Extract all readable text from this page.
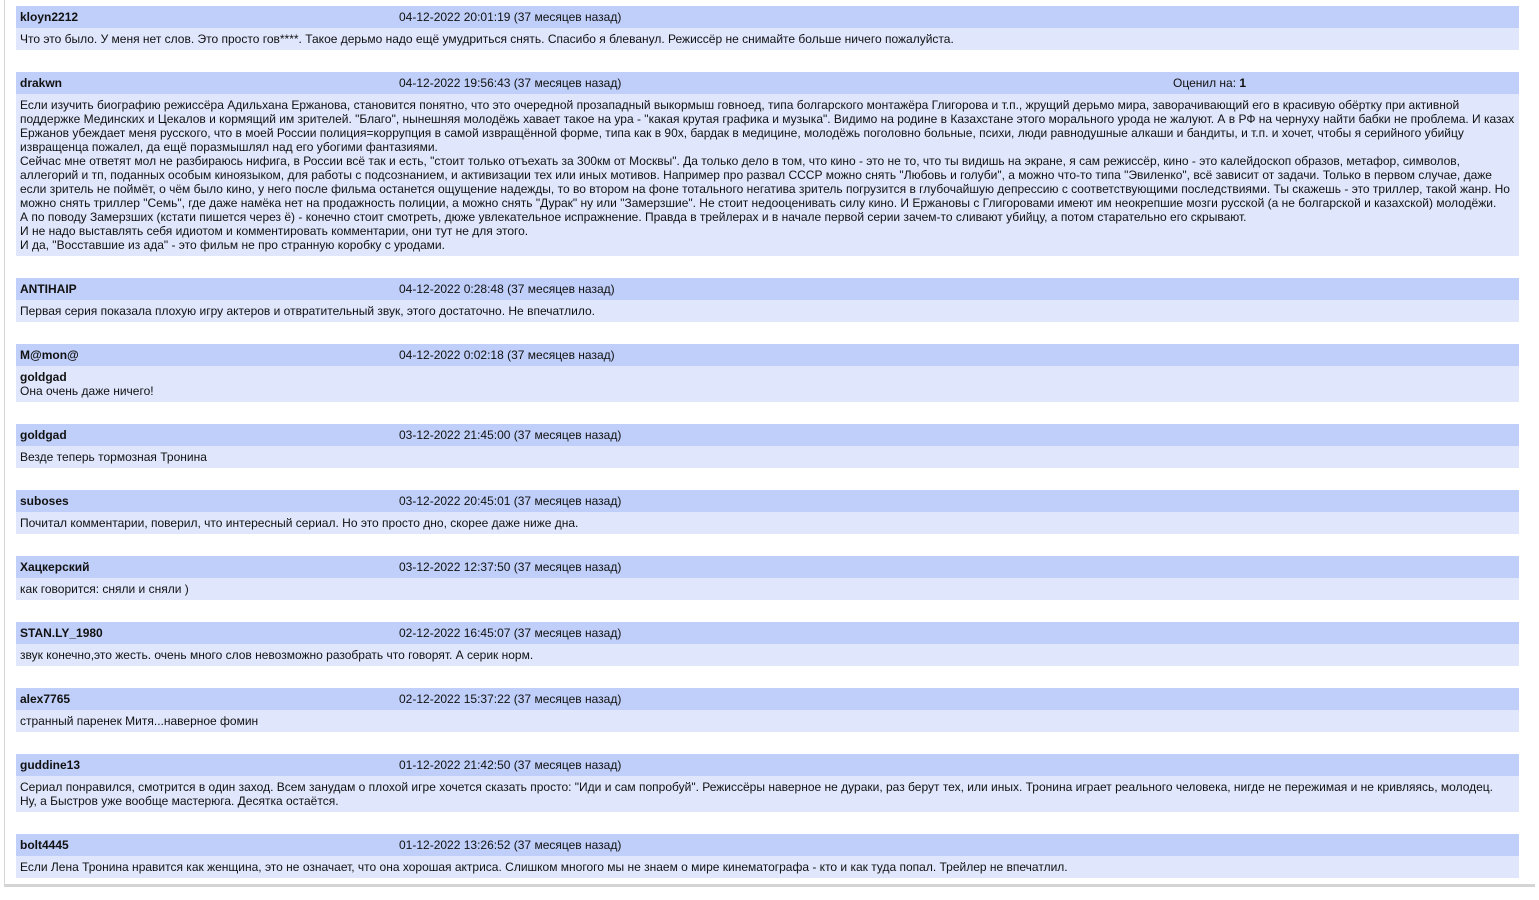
kloyn2212	04-12-2022 20:01:19 (37 месяцев назад)
Что это было. У меня нет слов. Это просто гов****. Такое дерьмо надо ещё умудриться снять. Спасибо я блеванул. Режиссёр не снимайте больше ничего пожалуйста.
drakwn	04-12-2022 19:56:43 (37 месяцев назад)	Оценил на: 1
Если изучить биографию режиссёра Адильхана Ержанова, становится понятно, что это очередной прозападный выкормыш говноед, типа болгарского монтажёра Глигорова и т.п., жрущий дерьмо мира, заворачивающий его в красивую обёртку при активной поддержке Мединских и Цекалов и кормящий им зрителей. "Благо", нынешняя молодёжь хавает такое на ура - "какая крутая графика и музыка". Видимо на родине в Казахстане этого морального урода не жалуют. А в РФ на чернуху найти бабки не проблема. И казах Ержанов убеждает меня русского, что в моей России полиция=коррупция в самой извращённой форме, типа как в 90х, бардак в медицине, молодёжь поголовно больные, психи, люди равнодушные алкаши и бандиты, и т.п. и хочет, чтобы я серийного убийцу извращенца пожалел, да ещё поразмышлял над его убогими фантазиями.
Сейчас мне ответят мол не разбираюсь нифига, в России всё так и есть, "стоит только отъехать за 300км от Москвы". Да только дело в том, что кино - это не то, что ты видишь на экране, я сам режиссёр, кино - это калейдоскоп образов, метафор, символов, аллегорий и тп, поданных особым киноязыком, для работы с подсознанием, и активизации тех или иных мотивов. Например про развал СССР можно снять "Любовь и голуби", а можно что-то типа "Эвиленко", всё зависит от задачи. Только в первом случае, даже если зритель не поймёт, о чём было кино, у него после фильма останется ощущение надежды, то во втором на фоне тотального негатива зритель погрузится в глубочайшую депрессию с соответствующими последствиями. Ты скажешь - это триллер, такой жанр. Но можно снять триллер "Семь", где даже намёка нет на продажность полиции, а можно снять "Дурак" ну или "Замерзшие". Не стоит недооценивать силу кино. И Ержановы с Глигоровами имеют им неокрепшие мозги русской (а не болгарской и казахской) молодёжи.
А по поводу Замерзших (кстати пишется через ё) - конечно стоит смотреть, дюже увлекательное испражнение. Правда в трейлерах и в начале первой серии зачем-то сливают убийцу, а потом старательно его скрывают.
И не надо выставлять себя идиотом и комментировать комментарии, они тут не для этого.
И да, "Восставшие из ада" - это фильм не про странную коробку с уродами.
ANTIHAIP	04-12-2022 0:28:48 (37 месяцев назад)
Первая серия показала плохую игру актеров и отвратительный звук, этого достаточно. Не впечатлило.
M@mon@	04-12-2022 0:02:18 (37 месяцев назад)
goldgad
Она очень даже ничего!
goldgad	03-12-2022 21:45:00 (37 месяцев назад)
Везде теперь тормозная Тронина
suboses	03-12-2022 20:45:01 (37 месяцев назад)
Почитал комментарии, поверил, что интересный сериал. Но это просто дно, скорее даже ниже дна.
Хацкерский	03-12-2022 12:37:50 (37 месяцев назад)
как говорится: сняли и сняли )
STAN.LY_1980	02-12-2022 16:45:07 (37 месяцев назад)
звук конечно,это жесть. очень много слов невозможно разобрать что говорят. А серик норм.
alex7765	02-12-2022 15:37:22 (37 месяцев назад)
странный паренек Митя...наверное фомин
guddine13	01-12-2022 21:42:50 (37 месяцев назад)
Сериал понравился, смотрится в один заход. Всем занудам о плохой игре хочется сказать просто: "Иди и сам попробуй". Режиссёры наверное не дураки, раз берут тех, или иных. Тронина играет реального человека, нигде не пережимая и не кривляясь, молодец.
Ну, а Быстров уже вообще мастерюга. Десятка остаётся.
bolt4445	01-12-2022 13:26:52 (37 месяцев назад)
Если Лена Тронина нравится как женщина, это не означает, что она хорошая актриса. Слишком многого мы не знаем о мире кинематографа - кто и как туда попал. Трейлер не впечатлил.
